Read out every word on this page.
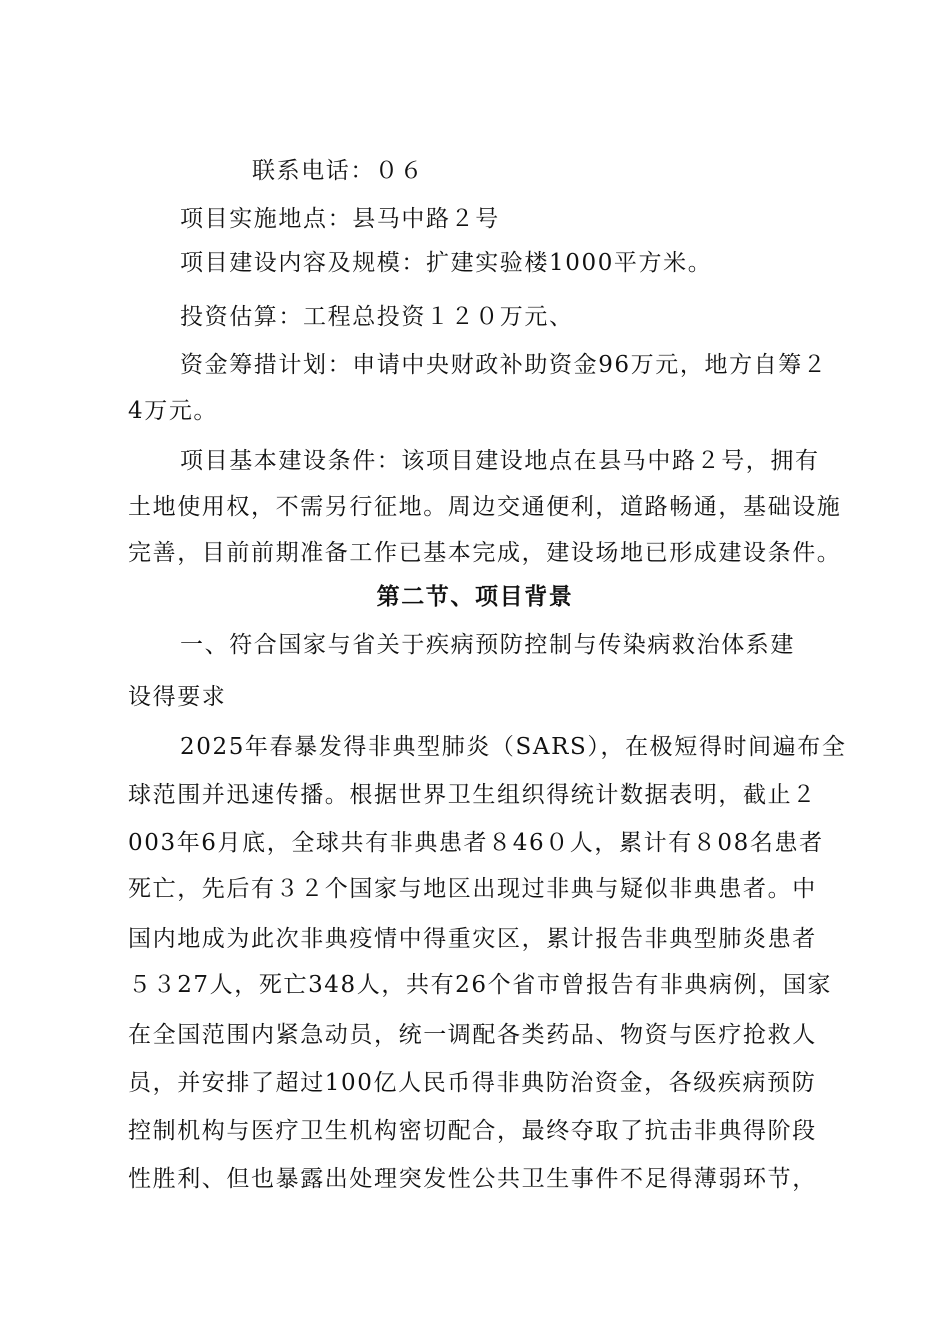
联系电话：０６
项目实施地点：县马中路２号
项目建设内容及规模：扩建实验楼1000平方米。
投资估算：工程总投资１２０万元、
资金筹措计划：申请中央财政补助资金96万元，地方自筹２
4万元。
项目基本建设条件：该项目建设地点在县马中路２号，拥有
土地使用权，不需另行征地。周边交通便利，道路畅通，基础设施
完善，目前前期准备工作已基本完成，建设场地已形成建设条件。
第二节、项目背景
一、符合国家与省关于疾病预防控制与传染病救治体系建
设得要求
2025年春暴发得非典型肺炎（SARS），在极短得时间遍布全
球范围并迅速传播。根据世界卫生组织得统计数据表明，截止２
003年6月底，全球共有非典患者８46０人，累计有８08名患者
死亡，先后有３２个国家与地区出现过非典与疑似非典患者。中
国内地成为此次非典疫情中得重灾区，累计报告非典型肺炎患者
５３27人，死亡348人，共有26个省市曾报告有非典病例，国家
在全国范围内紧急动员，统一调配各类药品、物资与医疗抢救人
员，并安排了超过100亿人民币得非典防治资金，各级疾病预防
控制机构与医疗卫生机构密切配合，最终夺取了抗击非典得阶段
性胜利、但也暴露出处理突发性公共卫生事件不足得薄弱环节，
